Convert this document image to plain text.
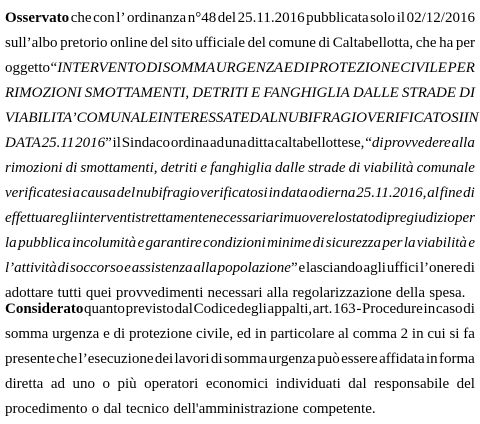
Osservato che con l’ ordinanza n°48 del 25.11.2016 pubblicata solo il 02/12/2016
sull’albo pretorio online del sito ufficiale del comune di Caltabellotta, che ha per
oggetto “INTERVENTO DI SOMMA URGENZA E DI PROTEZIONE CIVILE PER
RIMOZIONI SMOTTAMENTI, DETRITI E FANGHIGLIA DALLE STRADE DI
VIABILITA’ COMUNALE INTERESSATE DAL NUBIFRAGIO VERIFICATOSI IN
DATA 25.11 2016” il Sindaco ordina ad una ditta caltabellottese, “di provvedere alla
rimozioni di smottamenti, detriti e fanghiglia dalle strade di viabilità comunale
verificatesi a causa del nubifragio verificatosi in data odierna 25.11.2016, al fine di
effettuare gli interventi strettamente necessari a rimuovere lo stato di pregiudizio per
la pubblica incolumità e garantire condizioni minime di sicurezza per la viabilità e
l’attività di soccorso e assistenza alla popolazione” e lasciando agli uffici l’onere di
adottare tutti quei provvedimenti necessari alla regolarizzazione della spesa.
Considerato quanto previsto dal Codice degli appalti, art. 163 - Procedure in caso di
somma urgenza e di protezione civile, ed in particolare al comma 2 in cui si fa
presente che l’esecuzione dei lavori di somma urgenza può essere affidata in forma
diretta ad uno o più operatori economici individuati dal responsabile del
procedimento o dal tecnico dell'amministrazione competente.
